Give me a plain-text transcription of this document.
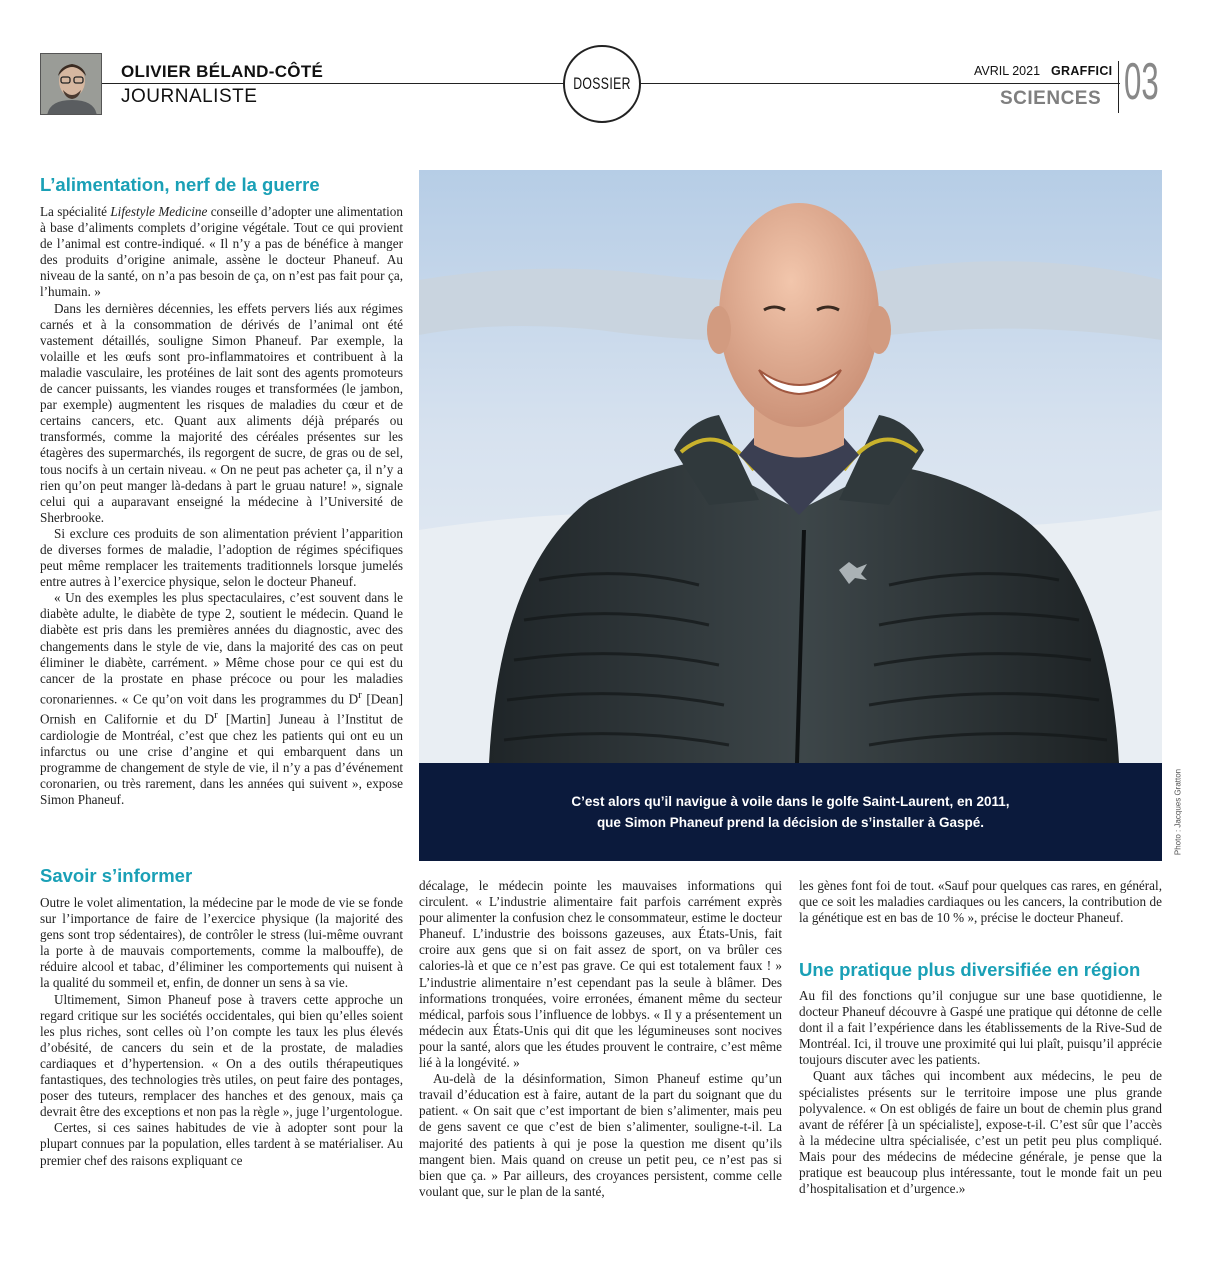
OLIVIER BÉLAND-CÔTÉ
JOURNALISTE
DOSSIER
AVRIL 2021 GRAFFICI
SCIENCES 03
L’alimentation, nerf de la guerre

La spécialité Lifestyle Medicine conseille d’adopter une alimentation à base d’aliments complets d’origine végétale. Tout ce qui provient de l’animal est contre-indiqué. « Il n’y a pas de bénéfice à manger des produits d’origine animale, assène le docteur Phaneuf. Au niveau de la santé, on n’a pas besoin de ça, on n’est pas fait pour ça, l’humain. »

Dans les dernières décennies, les effets pervers liés aux régimes carnés et à la consommation de dérivés de l’animal ont été vastement détaillés, souligne Simon Phaneuf. Par exemple, la volaille et les œufs sont pro-inflammatoires et contribuent à la maladie vasculaire, les protéines de lait sont des agents promoteurs de cancer puissants, les viandes rouges et transformées (le jambon, par exemple) augmentent les risques de maladies du cœur et de certains cancers, etc. Quant aux aliments déjà préparés ou transformés, comme la majorité des céréales présentes sur les étagères des supermarchés, ils regorgent de sucre, de gras ou de sel, tous nocifs à un certain niveau. « On ne peut pas acheter ça, il n’y a rien qu’on peut manger là-dedans à part le gruau nature! », signale celui qui a auparavant enseigné la médecine à l’Université de Sherbrooke.

Si exclure ces produits de son alimentation prévient l’apparition de diverses formes de maladie, l’adoption de régimes spécifiques peut même remplacer les traitements traditionnels lorsque jumelés entre autres à l’exercice physique, selon le docteur Phaneuf.

« Un des exemples les plus spectaculaires, c’est souvent dans le diabète adulte, le diabète de type 2, soutient le médecin. Quand le diabète est pris dans les premières années du diagnostic, avec des changements dans le style de vie, dans la majorité des cas on peut éliminer le diabète, carrément. » Même chose pour ce qui est du cancer de la prostate en phase précoce ou pour les maladies coronariennes. « Ce qu’on voit dans les programmes du $D^r$ [Dean] Ornish en Californie et du $D^r$ [Martin] Juneau à l’Institut de cardiologie de Montréal, c’est que chez les patients qui ont eu un infarctus ou une crise d’angine et qui embarquent dans un programme de changement de style de vie, il n’y a pas d’événement coronarien, ou très rarement, dans les années qui suivent », expose Simon Phaneuf.

Savoir s’informer

Outre le volet alimentation, la médecine par le mode de vie se fonde sur l’importance de faire de l’exercice physique (la majorité des gens sont trop sédentaires), de contrôler le stress (lui-même ouvrant la porte à de mauvais comportements, comme la malbouffe), de réduire alcool et tabac, d’éliminer les comportements qui nuisent à la qualité du sommeil et, enfin, de donner un sens à sa vie.

Ultimement, Simon Phaneuf pose à travers cette approche un regard critique sur les sociétés occidentales, qui bien qu’elles soient les plus riches, sont celles où l’on compte les taux les plus élevés d’obésité, de cancers du sein et de la prostate, de maladies cardiaques et d’hypertension. « On a des outils thérapeutiques fantastiques, des technologies très utiles, on peut faire des pontages, poser des tuteurs, remplacer des hanches et des genoux, mais ça devrait être des exceptions et non pas la règle », juge l’urgentologue.

Certes, si ces saines habitudes de vie à adopter sont pour la plupart connues par la population, elles tardent à se matérialiser. Au premier chef des raisons expliquant ce

C’est alors qu’il navigue à voile dans le golfe Saint-Laurent, en 2011,
que Simon Phaneuf prend la décision de s’installer à Gaspé.	Photo : Jacques Gratton

décalage, le médecin pointe les mauvaises informations qui circulent. « L’industrie alimentaire fait parfois carrément exprès pour alimenter la confusion chez le consommateur, estime le docteur Phaneuf. L’industrie des boissons gazeuses, aux États-Unis, fait croire aux gens que si on fait assez de sport, on va brûler ces calories-là et que ce n’est pas grave. Ce qui est totalement faux ! » L’industrie alimentaire n’est cependant pas la seule à blâmer. Des informations tronquées, voire erronées, émanent même du secteur médical, parfois sous l’influence de lobbys. « Il y a présentement un médecin aux États-Unis qui dit que les légumineuses sont nocives pour la santé, alors que les études prouvent le contraire, c’est même lié à la longévité. »

Au-delà de la désinformation, Simon Phaneuf estime qu’un travail d’éducation est à faire, autant de la part du soignant que du patient. « On sait que c’est important de bien s’alimenter, mais peu de gens savent ce que c’est de bien s’alimenter, souligne-t-il. La majorité des patients à qui je pose la question me disent qu’ils mangent bien. Mais quand on creuse un petit peu, ce n’est pas si bien que ça. » Par ailleurs, des croyances persistent, comme celle voulant que, sur le plan de la santé,

les gènes font foi de tout. «Sauf pour quelques cas rares, en général, que ce soit les maladies cardiaques ou les cancers, la contribution de la génétique est en bas de 10 % », précise le docteur Phaneuf.

Une pratique plus diversifiée en région

Au fil des fonctions qu’il conjugue sur une base quotidienne, le docteur Phaneuf découvre à Gaspé une pratique qui détonne de celle dont il a fait l’expérience dans les établissements de la Rive-Sud de Montréal. Ici, il trouve une proximité qui lui plaît, puisqu’il apprécie toujours discuter avec les patients.

Quant aux tâches qui incombent aux médecins, le peu de spécialistes présents sur le territoire impose une plus grande polyvalence. « On est obligés de faire un bout de chemin plus grand avant de référer [à un spécialiste], expose-t-il. C’est sûr que l’accès à la médecine ultra spécialisée, c’est un petit peu plus compliqué. Mais pour des médecins de médecine générale, je pense que la pratique est beaucoup plus intéressante, tout le monde fait un peu d’hospitalisation et d’urgence.»
